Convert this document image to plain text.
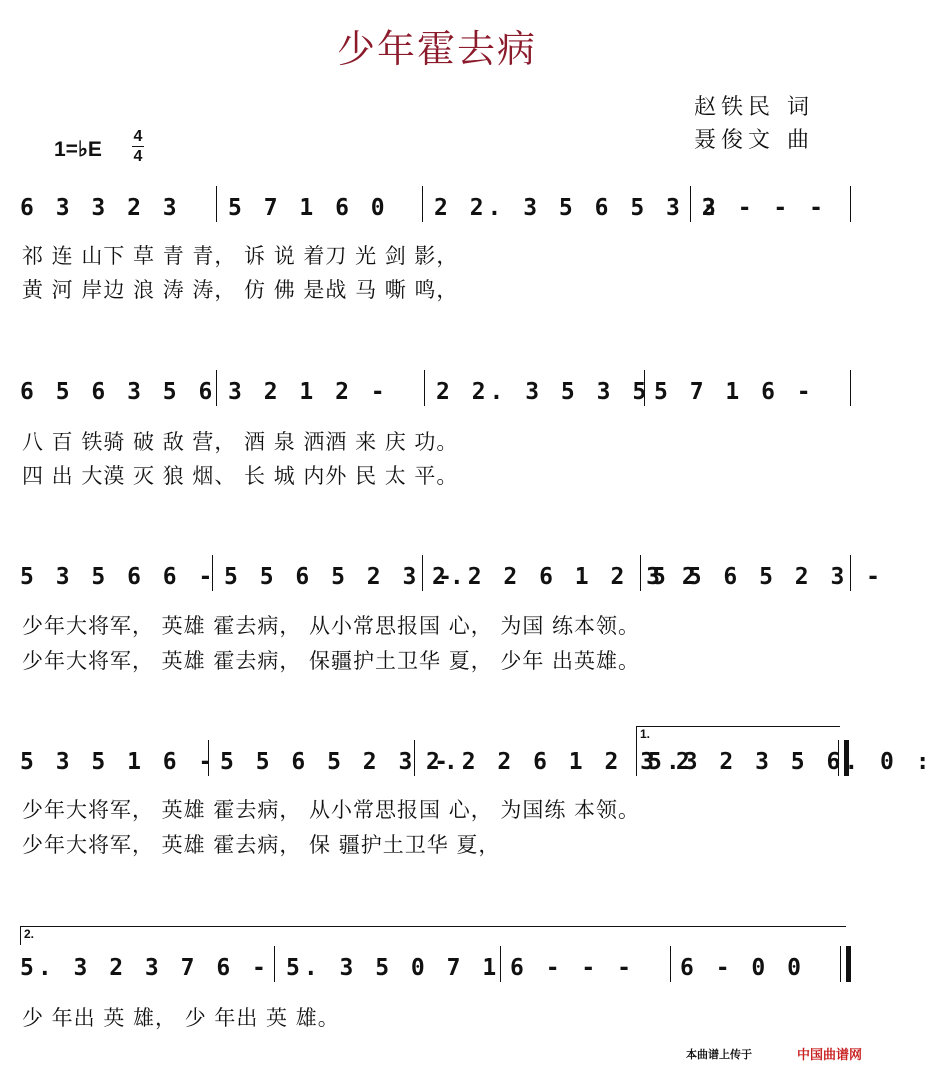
少年霍去病
赵铁民 词
聂俊文 曲
1=♭E
4
4
6 3 3 2 3	5 7 1 6 0	2 2. 3 5 6 5 3 2
3 - - -
祁 连 山下 草 青 青， 诉 说 着刀 光 剑 影，
黄 河 岸边 浪 涛 涛， 仿 佛 是战 马 嘶 鸣，
6 5 6 3 5 6 3 2 1 2 -	2 2. 3 5 3 5 5 7 1 6 -
八 百 铁骑 破 敌 营， 酒 泉 洒酒 来 庆 功。
四 出 大漠 灭 狼 烟、 长 城 内外 民 太 平。
5 3 5 6 6 - 5 5 6 5 2 3 -
2.2 2 6 1 2 3 2
5 5 6 5 2 3 -
少年大将军， 英雄 霍去病， 从小常思报国 心， 为国 练本领。
少年大将军， 英雄 霍去病， 保疆护土卫华 夏， 少年 出英雄。
1.
5 3 5 1 6 - 5 5 6 5 2 3 -
2.2 2 6 1 2 3 2
5.3 2 3 5 6. 0 :
少年大将军， 英雄 霍去病， 从小常思报国 心， 为国练 本领。
少年大将军， 英雄 霍去病， 保 疆护土卫华 夏，
2.
5. 3 2 3 7 6 - 5. 3 5 0 7 1 6 - - -	6 - 0 0
少 年出 英 雄， 少 年出 英 雄。
本曲谱上传于	中国曲谱网
